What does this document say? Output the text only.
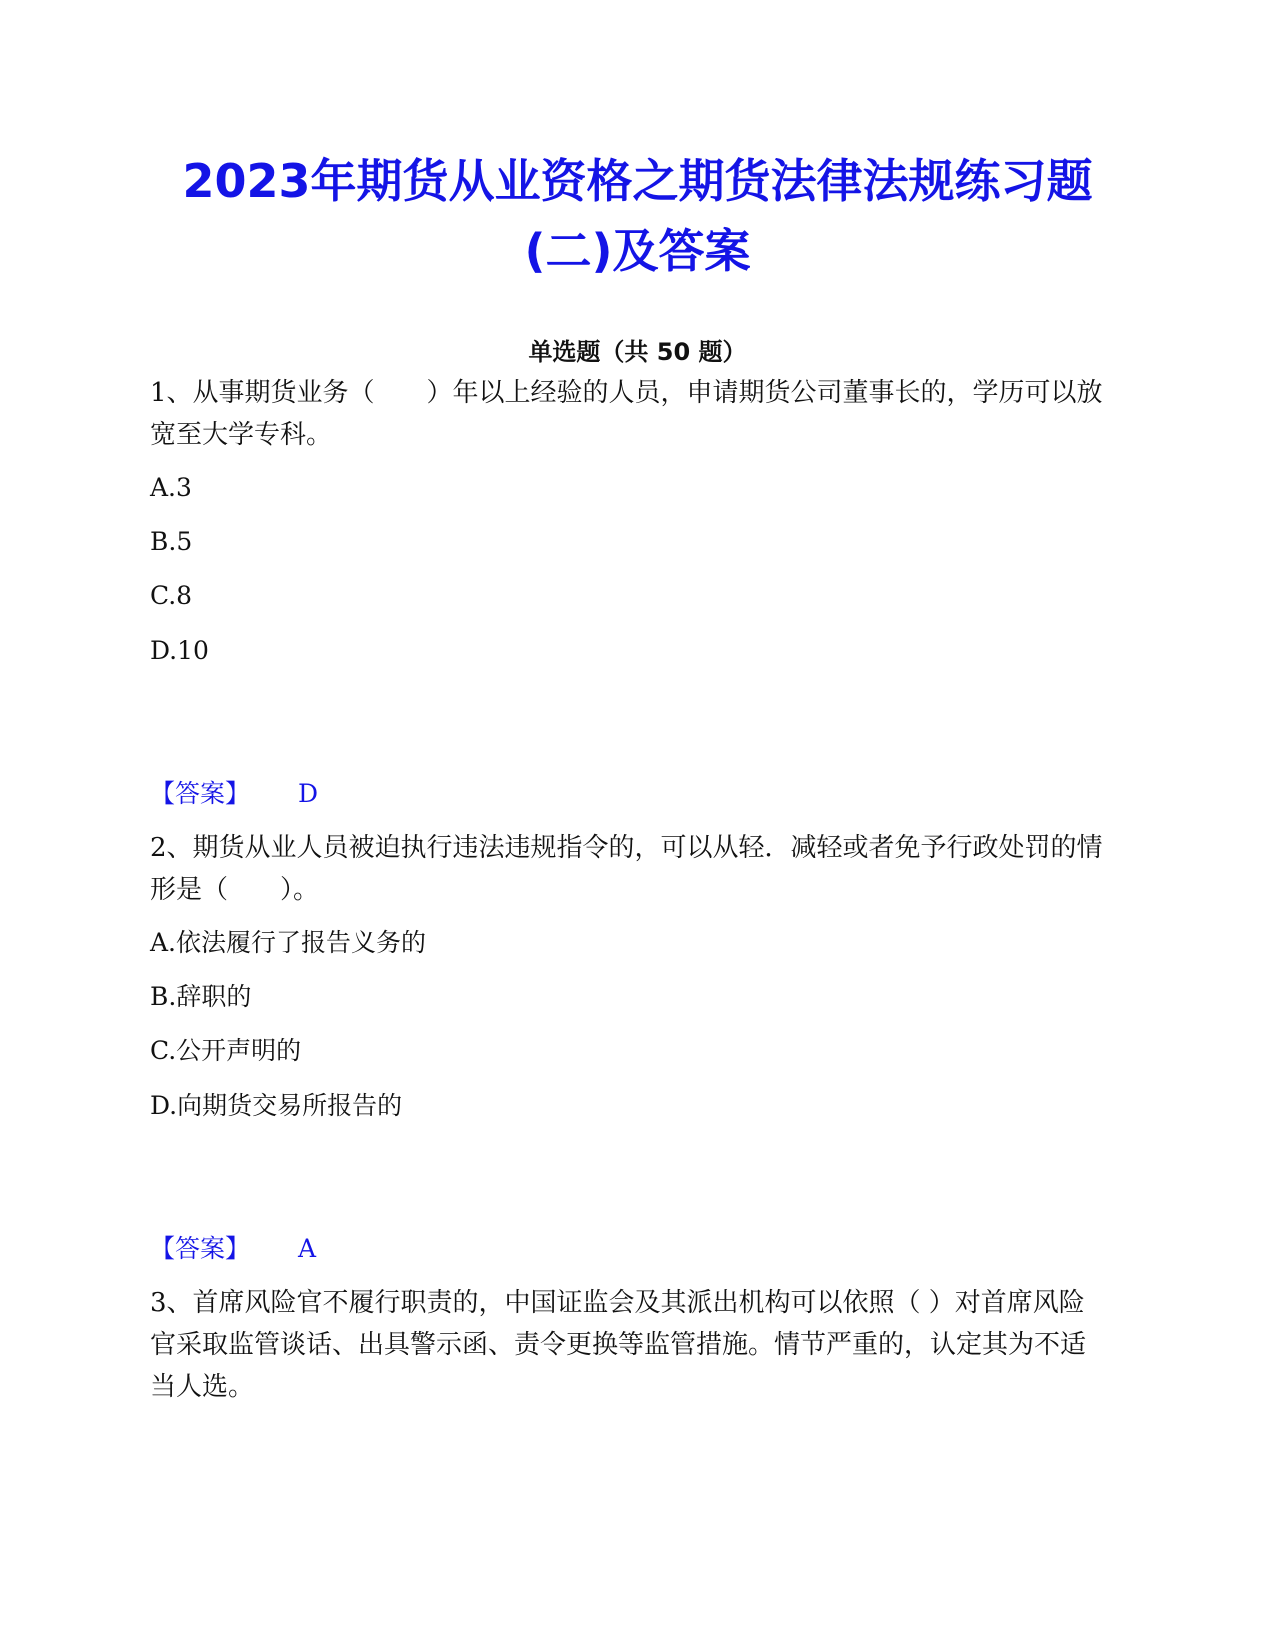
2023年期货从业资格之期货法律法规练习题
(二)及答案
单选题（共 50 题）
1、从事期货业务（　　）年以上经验的人员，申请期货公司董事长的，学历可以放宽至大学专科。
A.3
B.5
C.8
D.10
【答案】 D
2、期货从业人员被迫执行违法违规指令的，可以从轻．减轻或者免予行政处罚的情形是（　　）。
A.依法履行了报告义务的
B.辞职的
C.公开声明的
D.向期货交易所报告的
【答案】 A
3、首席风险官不履行职责的，中国证监会及其派出机构可以依照（ ）对首席风险官采取监管谈话、出具警示函、责令更换等监管措施。情节严重的，认定其为不适当人选。
